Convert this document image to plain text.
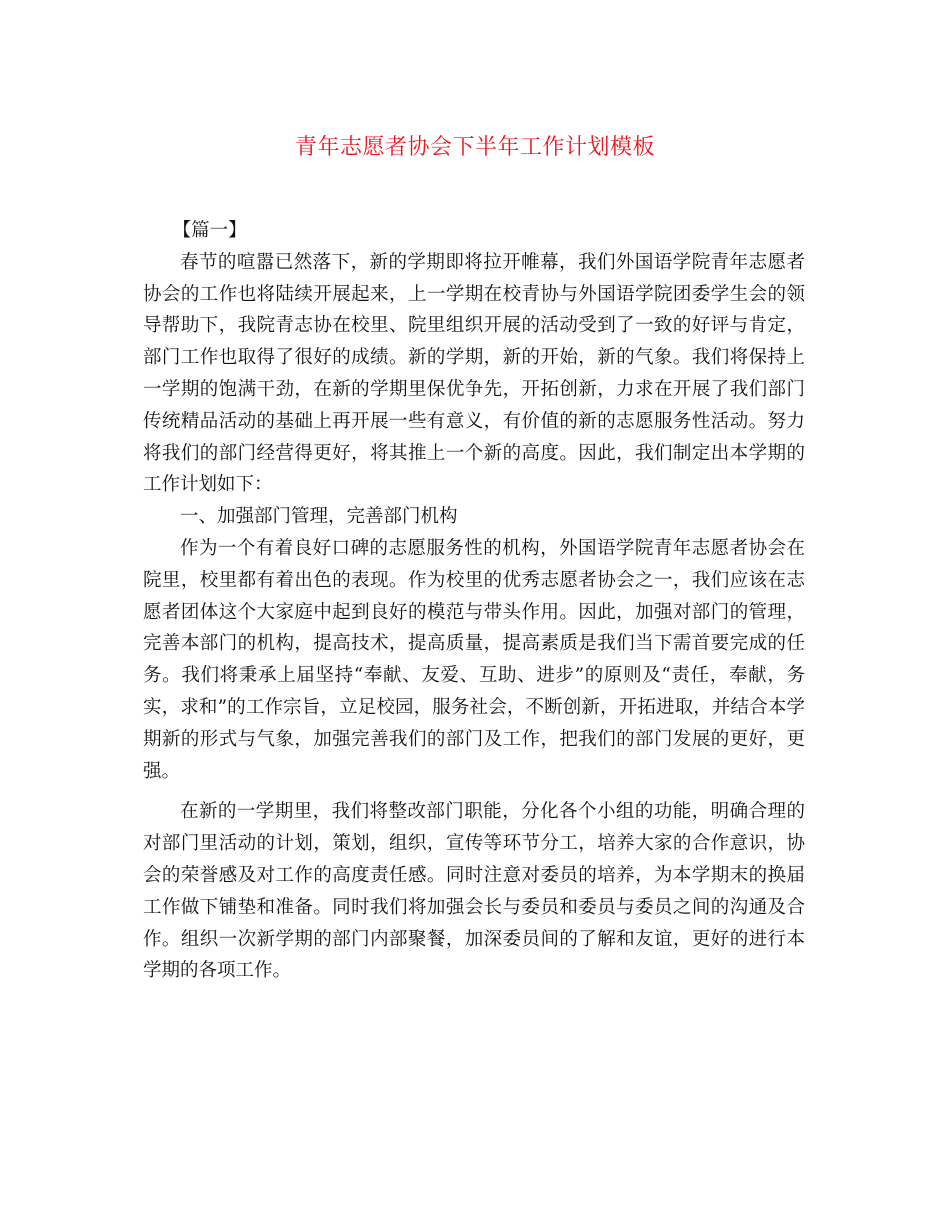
青年志愿者协会下半年工作计划模板

【篇一】

春节的喧嚣已然落下，新的学期即将拉开帷幕，我们外国语学院青年志愿者协会的工作也将陆续开展起来，上一学期在校青协与外国语学院团委学生会的领导帮助下，我院青志协在校里、院里组织开展的活动受到了一致的好评与肯定，部门工作也取得了很好的成绩。新的学期，新的开始，新的气象。我们将保持上一学期的饱满干劲，在新的学期里保优争先，开拓创新，力求在开展了我们部门传统精品活动的基础上再开展一些有意义，有价值的新的志愿服务性活动。努力将我们的部门经营得更好，将其推上一个新的高度。因此，我们制定出本学期的工作计划如下：

一、加强部门管理，完善部门机构

作为一个有着良好口碑的志愿服务性的机构，外国语学院青年志愿者协会在院里，校里都有着出色的表现。作为校里的优秀志愿者协会之一，我们应该在志愿者团体这个大家庭中起到良好的模范与带头作用。因此，加强对部门的管理，完善本部门的机构，提高技术，提高质量，提高素质是我们当下需首要完成的任务。我们将秉承上届坚持“奉献、友爱、互助、进步”的原则及“责任，奉献，务实，求和”的工作宗旨，立足校园，服务社会，不断创新，开拓进取，并结合本学期新的形式与气象，加强完善我们的部门及工作，把我们的部门发展的更好，更强。

在新的一学期里，我们将整改部门职能，分化各个小组的功能，明确合理的对部门里活动的计划，策划，组织，宣传等环节分工，培养大家的合作意识，协会的荣誉感及对工作的高度责任感。同时注意对委员的培养，为本学期末的换届工作做下铺垫和准备。同时我们将加强会长与委员和委员与委员之间的沟通及合作。组织一次新学期的部门内部聚餐，加深委员间的了解和友谊，更好的进行本学期的各项工作。
